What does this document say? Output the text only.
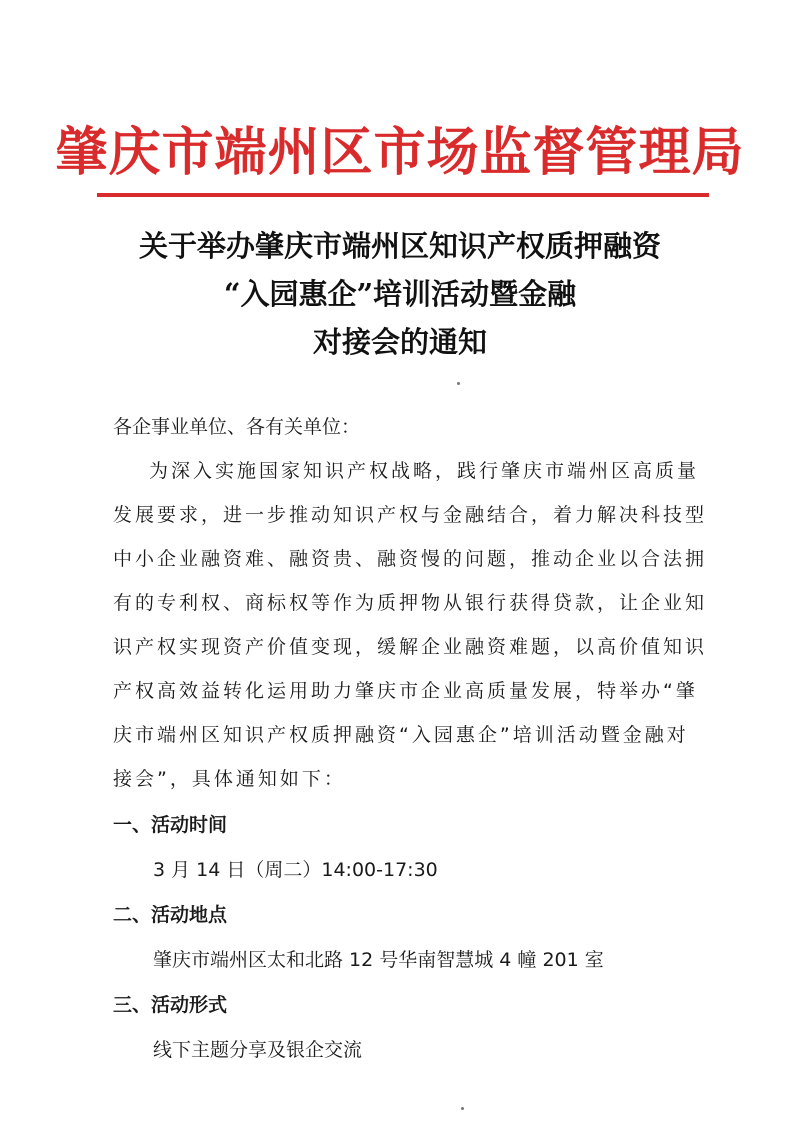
肇庆市端州区市场监督管理局
关于举办肇庆市端州区知识产权质押融资
“入园惠企”培训活动暨金融
对接会的通知
各企事业单位、各有关单位：
为深入实施国家知识产权战略，践行肇庆市端州区高质量
发展要求，进一步推动知识产权与金融结合，着力解决科技型
中小企业融资难、融资贵、融资慢的问题，推动企业以合法拥
有的专利权、商标权等作为质押物从银行获得贷款，让企业知
识产权实现资产价值变现，缓解企业融资难题，以高价值知识
产权高效益转化运用助力肇庆市企业高质量发展，特举办“肇
庆市端州区知识产权质押融资“入园惠企”培训活动暨金融对
接会”，具体通知如下：
一、活动时间
3 月 14 日（周二）14:00-17:30
二、活动地点
肇庆市端州区太和北路 12 号华南智慧城 4 幢 201 室
三、活动形式
线下主题分享及银企交流
